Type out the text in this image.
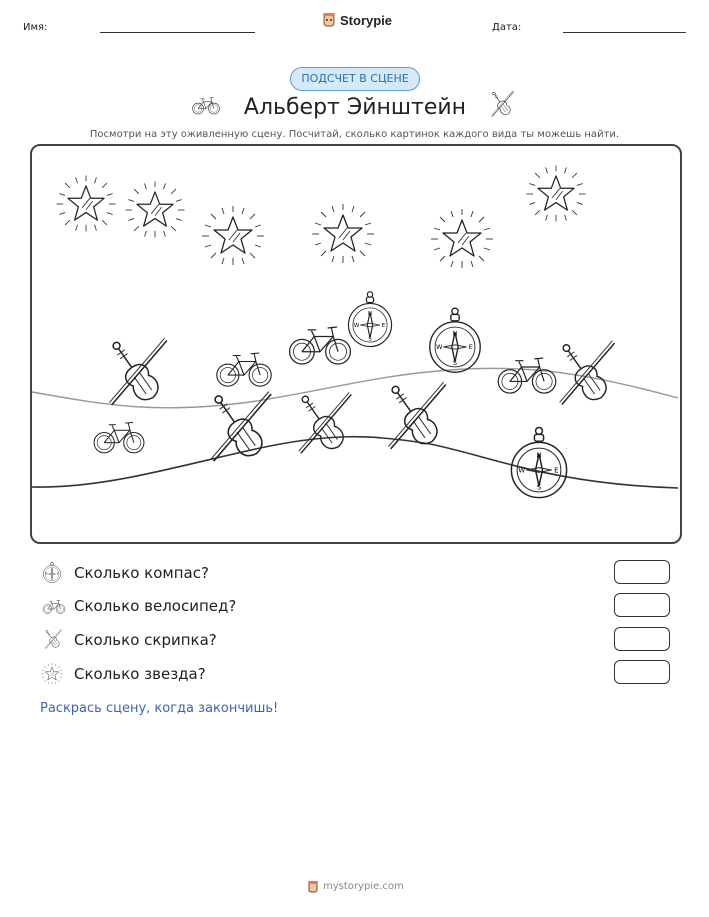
Имя:	Storypie	Дата:
ПОДСЧЕТ В СЦЕНЕ
Альберт Эйнштейн
Посмотри на эту оживленную сцену. Посчитай, сколько картинок каждого вида ты можешь найти.
Сколько компас?
Сколько велосипед?
Сколько скрипка?
Сколько звезда?
Раскрась сцену, когда закончишь!
mystorypie.com
